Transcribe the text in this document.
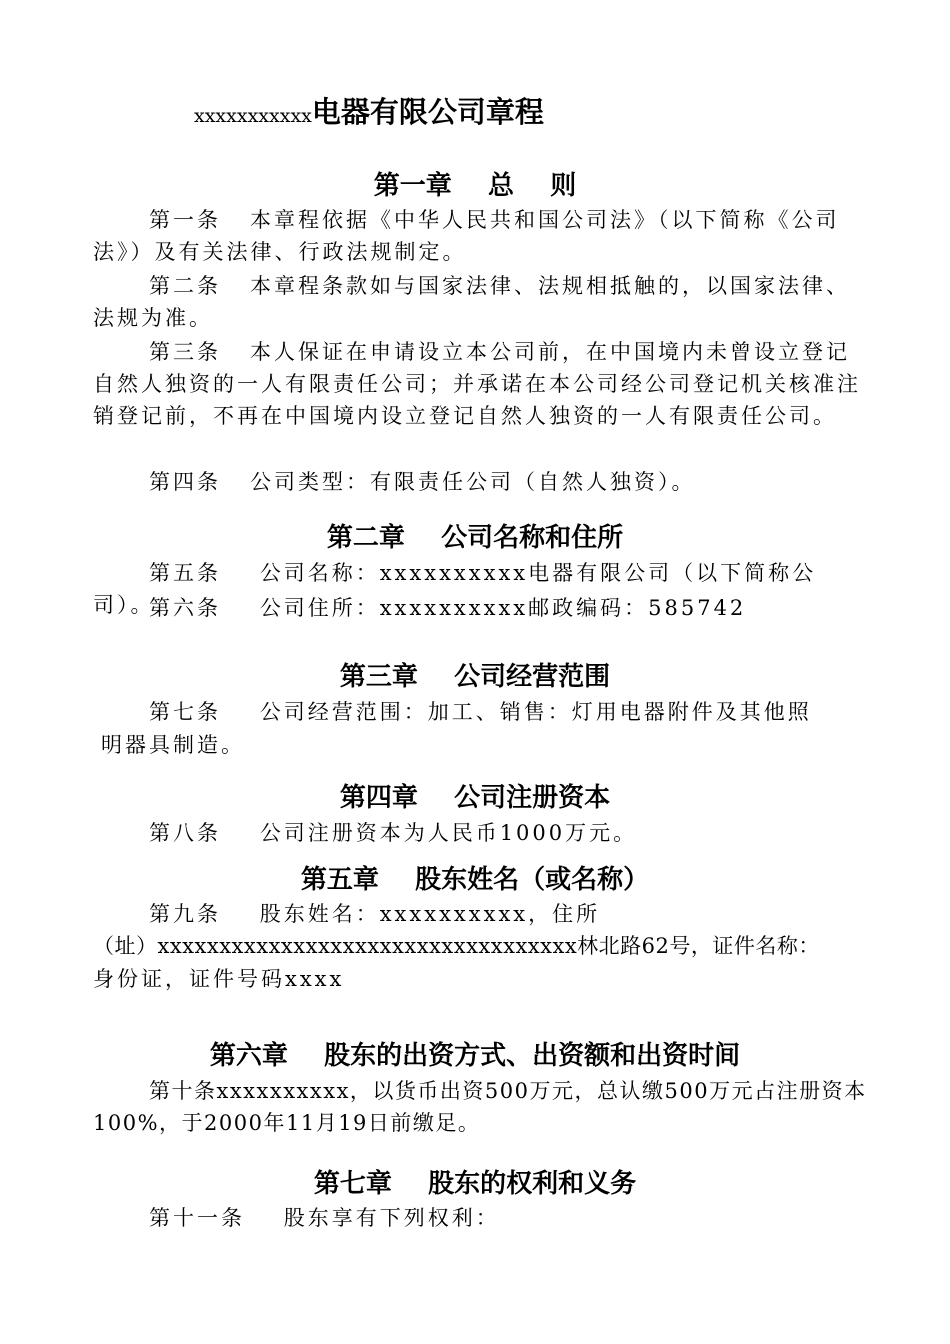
xxxxxxxxxxx电器有限公司章程
第一章    总    则
第一条   本章程依据《中华人民共和国公司法》（以下简称《公司法》）及有关法律、行政法规制定。
第二条   本章程条款如与国家法律、法规相抵触的，以国家法律、法规为准。
第三条   本人保证在申请设立本公司前，在中国境内未曾设立登记自然人独资的一人有限责任公司；并承诺在本公司经公司登记机关核准注销登记前，不再在中国境内设立登记自然人独资的一人有限责任公司。
第四条   公司类型：有限责任公司（自然人独资）。
第二章    公司名称和住所
第五条    公司名称：xxxxxxxxxx电器有限公司（以下简称公司）。
第六条    公司住所：xxxxxxxxxx邮政编码：585742
第三章    公司经营范围
第七条    公司经营范围：加工、销售：灯用电器附件及其他照
明器具制造。
第四章    公司注册资本
第八条    公司注册资本为人民币1000万元。
第五章    股东姓名（或名称）
第九条    股东姓名：xxxxxxxxxx，住所
（址）xxxxxxxxxxxxxxxxxxxxxxxxxxxxxxxxxx林北路62号，证件名称：
身份证，证件号码xxxx
第六章    股东的出资方式、出资额和出资时间
第十条xxxxxxxxxx，以货币出资500万元，总认缴500万元占注册资本100%，于2000年11月19日前缴足。
第七章    股东的权利和义务
第十一条    股东享有下列权利：
